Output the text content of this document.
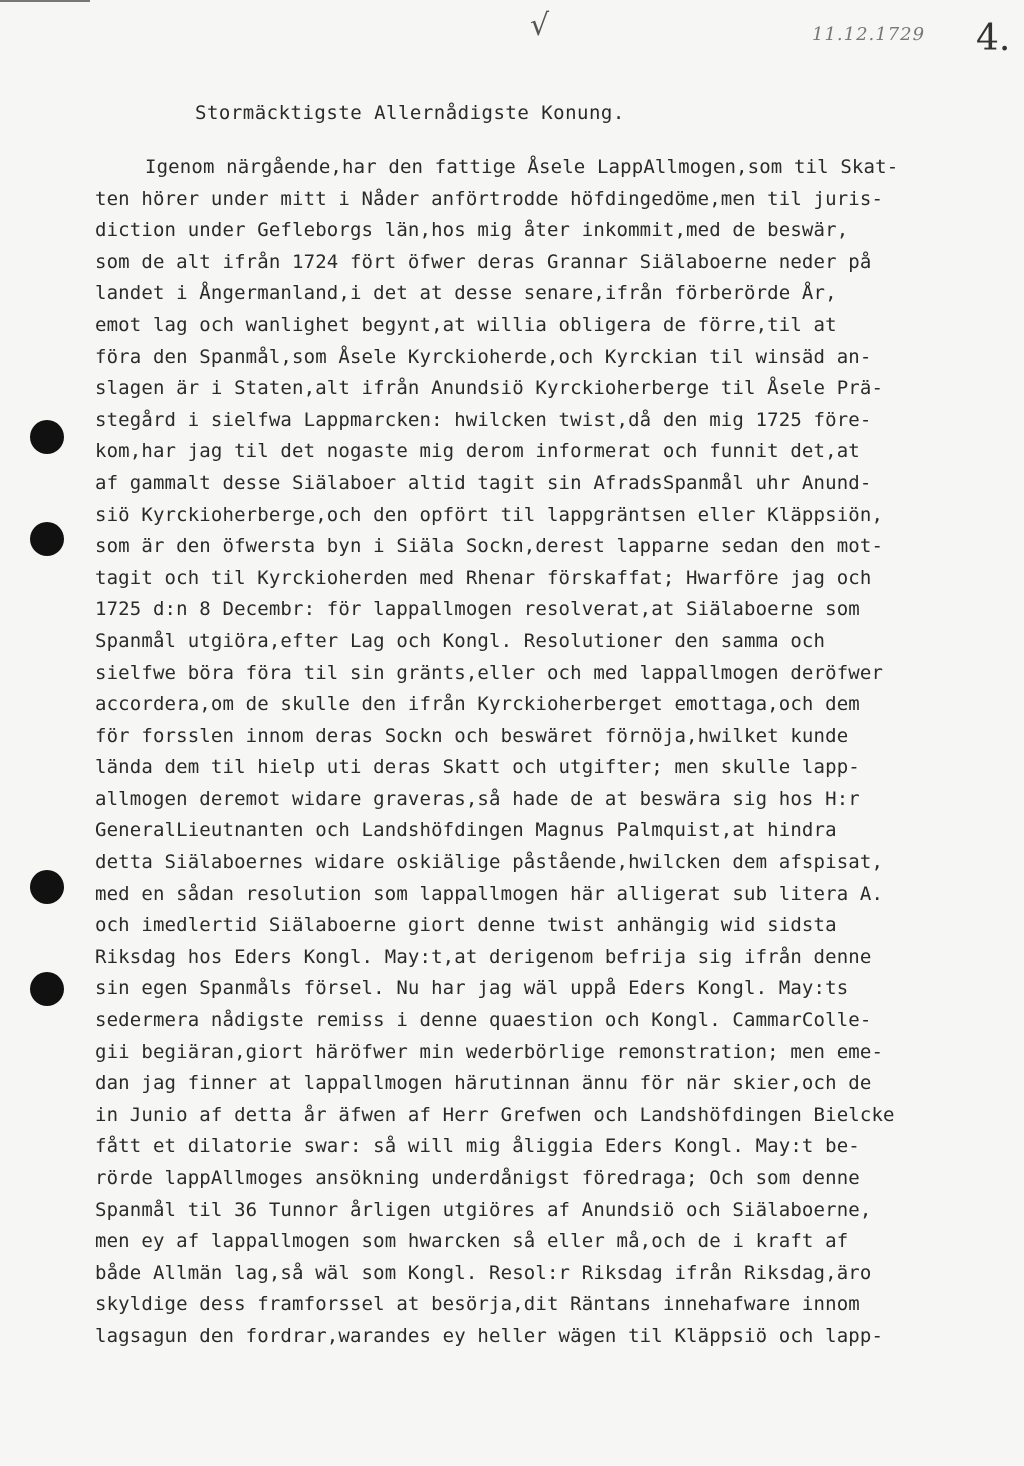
√	11.12.1729 4.
Stormäcktigste Allernådigste Konung.
Igenom närgående,har den fattige Åsele LappAllmogen,som til Skat-
ten hörer under mitt i Nåder anförtrodde höfdingedöme,men til juris-
diction under Gefleborgs län,hos mig åter inkommit,med de beswär,
som de alt ifrån 1724 fört öfwer deras Grannar Siälaboerne neder på
landet i Ångermanland,i det at desse senare,ifrån förberörde År,
emot lag och wanlighet begynt,at willia obligera de förre,til at
föra den Spanmål,som Åsele Kyrckioherde,och Kyrckian til winsäd an-
slagen är i Staten,alt ifrån Anundsiö Kyrckioherberge til Åsele Prä-
stegård i sielfwa Lappmarcken: hwilcken twist,då den mig 1725 före-
kom,har jag til det nogaste mig derom informerat och funnit det,at
af gammalt desse Siälaboer altid tagit sin AfradsSpanmål uhr Anund-
siö Kyrckioherberge,och den opfört til lappgräntsen eller Kläppsiön,
som är den öfwersta byn i Siäla Sockn,derest lapparne sedan den mot-
tagit och til Kyrckioherden med Rhenar förskaffat; Hwarföre jag och
1725 d:n 8 Decembr: för lappallmogen resolverat,at Siälaboerne som
Spanmål utgiöra,efter Lag och Kongl. Resolutioner den samma och
sielfwe böra föra til sin gränts,eller och med lappallmogen deröfwer
accordera,om de skulle den ifrån Kyrckioherberget emottaga,och dem
för forsslen innom deras Sockn och beswäret förnöja,hwilket kunde
lända dem til hielp uti deras Skatt och utgifter; men skulle lapp-
allmogen deremot widare graveras,så hade de at beswära sig hos H:r
GeneralLieutnanten och Landshöfdingen Magnus Palmquist,at hindra
detta Siälaboernes widare oskiälige påstående,hwilcken dem afspisat,
med en sådan resolution som lappallmogen här alligerat sub litera A.
och imedlertid Siälaboerne giort denne twist anhängig wid sidsta
Riksdag hos Eders Kongl. May:t,at derigenom befrija sig ifrån denne
sin egen Spanmåls försel. Nu har jag wäl uppå Eders Kongl. May:ts
sedermera nådigste remiss i denne quaestion och Kongl. CammarColle-
gii begiäran,giort häröfwer min wederbörlige remonstration; men eme-
dan jag finner at lappallmogen härutinnan ännu för när skier,och de
in Junio af detta år äfwen af Herr Grefwen och Landshöfdingen Bielcke
fått et dilatorie swar: så will mig åliggia Eders Kongl. May:t be-
rörde lappAllmoges ansökning underdånigst föredraga; Och som denne
Spanmål til 36 Tunnor årligen utgiöres af Anundsiö och Siälaboerne,
men ey af lappallmogen som hwarcken så eller må,och de i kraft af
både Allmän lag,så wäl som Kongl. Resol:r Riksdag ifrån Riksdag,äro
skyldige dess framforssel at besörja,dit Räntans innehafware innom
lagsagun den fordrar,warandes ey heller wägen til Kläppsiö och lapp-
